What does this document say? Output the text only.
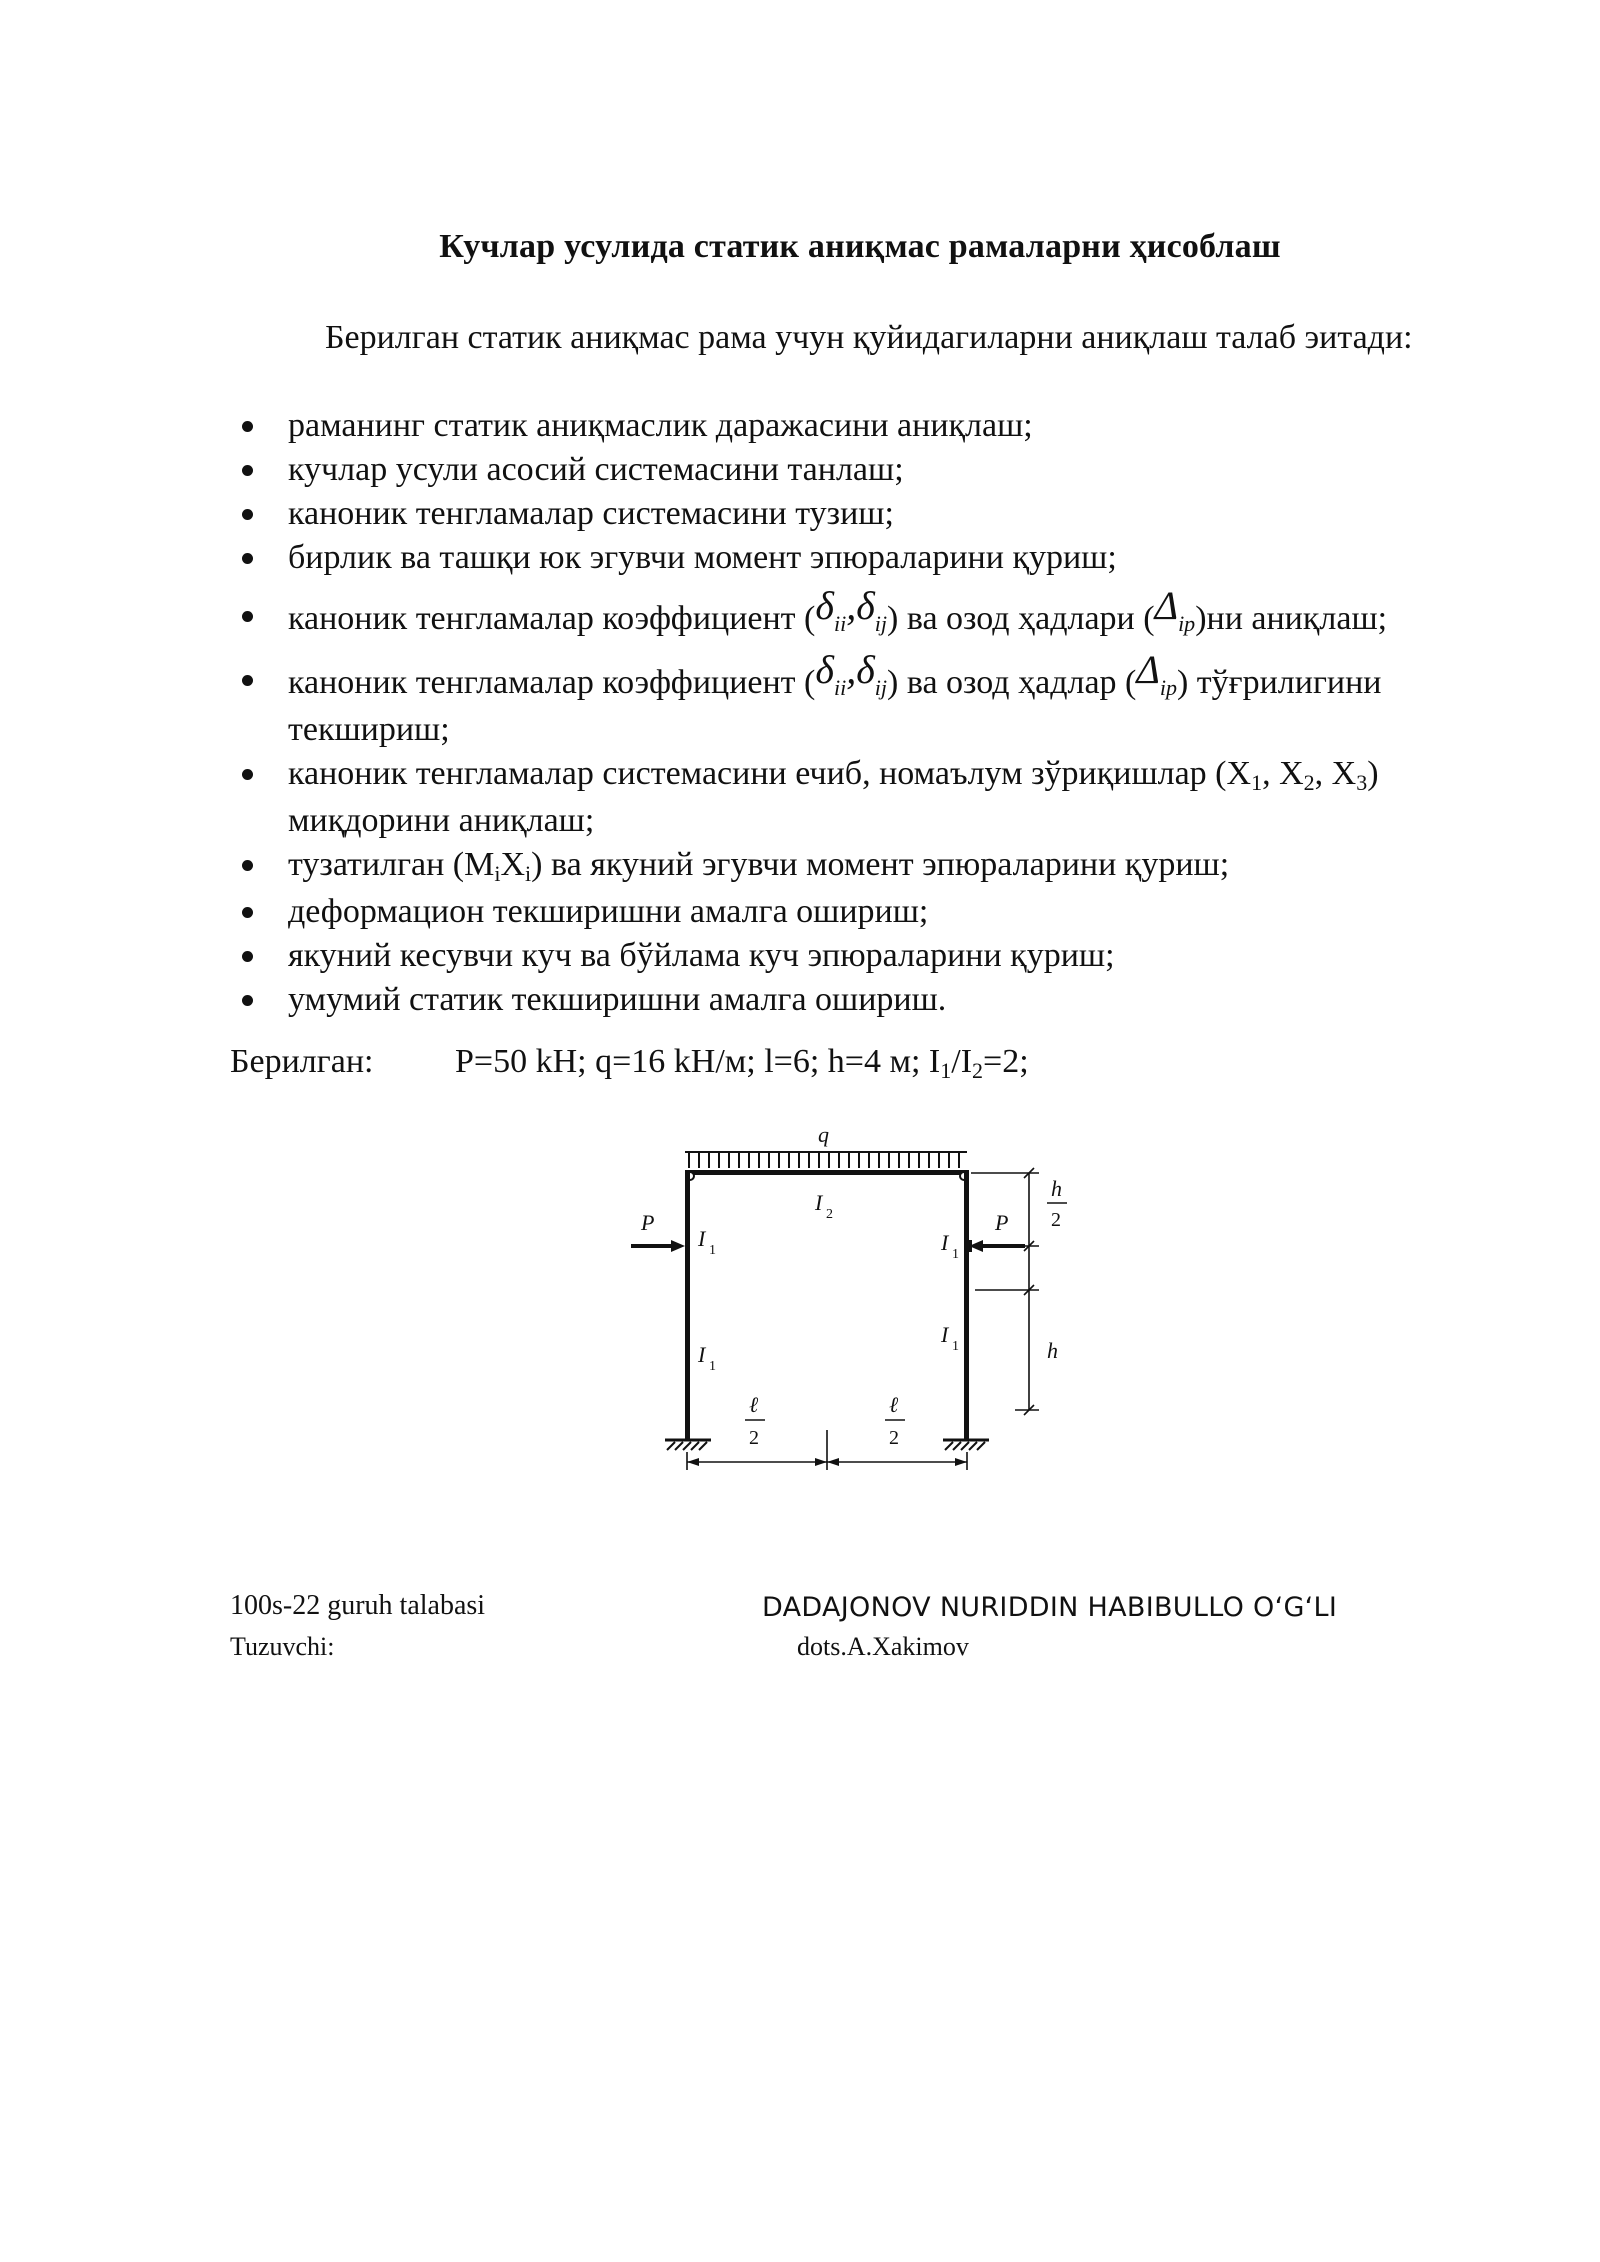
Кучлар усулида статик аниқмас рамаларни ҳисоблаш
Берилган статик аниқмас рама учун қуйидагиларни аниқлаш талаб эитади:
раманинг статик аниқмаслик даражасини аниқлаш;
кучлар усули асосий системасини танлаш;
каноник тенгламалар системасини тузиш;
бирлик ва ташқи юк эгувчи момент эпюраларини қуриш;
каноник тенгламалар коэффициент (δii,δij) ва озод ҳадлари (Δip)ни аниқлаш;
каноник тенгламалар коэффициент (δii,δij) ва озод ҳадлар (Δip) тўғрилигини текшириш;
каноник тенгламалар системасини ечиб, номаълум зўриқишлар (X1, X2, X3) миқдорини аниқлаш;
тузатилган (MiXi) ва якуний эгувчи момент эпюраларини қуриш;
деформацион текширишни амалга ошириш;
якуний кесувчи куч ва бўйлама куч эпюраларини қуриш;
умумий статик текширишни амалга ошириш.
Берилган: P=50 kH; q=16 kH/м; l=6; h=4 м; I1/I2=2;
q
P	P
I 1
I 2
I 1
I 1
I 1
h
2
h
ℓ
2
ℓ
2
100s-22 guruh talabasi	DADAJONOV NURIDDIN HABIBULLO O‘G‘LI
Tuzuvchi:	dots.A.Xakimov
